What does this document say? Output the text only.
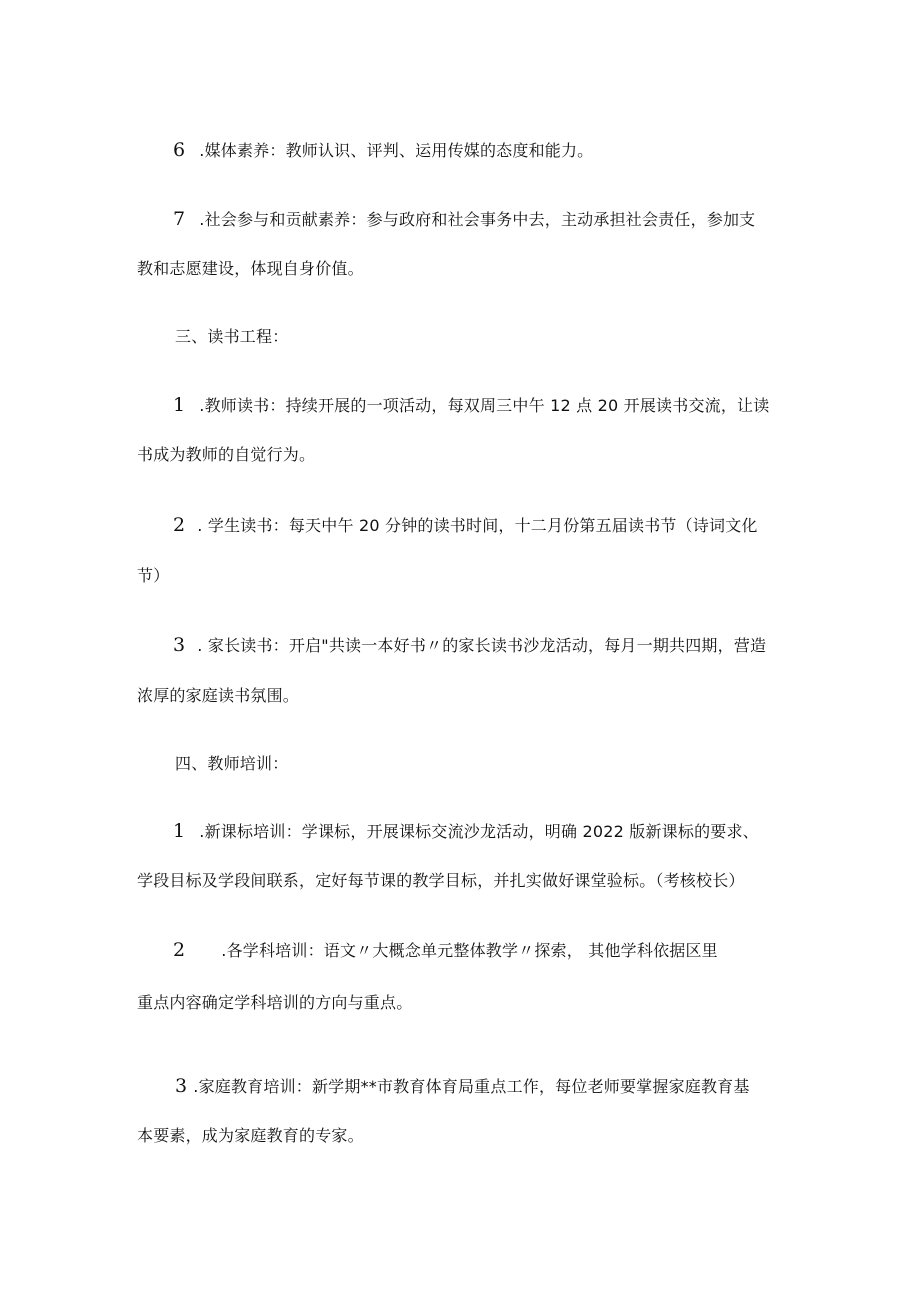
6 .媒体素养：教师认识、评判、运用传媒的态度和能力。
7 .社会参与和贡献素养：参与政府和社会事务中去，主动承担社会责任，参加支
教和志愿建设，体现自身价值。
三、读书工程：
1 .教师读书：持续开展的一项活动，每双周三中午 12 点 20 开展读书交流，让读
书成为教师的自觉行为。
2 . 学生读书：每天中午 20 分钟的读书时间，十二月份第五届读书节（诗词文化
节）
3 . 家长读书：开启"共读一本好书〃的家长读书沙龙活动，每月一期共四期，营造
浓厚的家庭读书氛围。
四、教师培训：
1 .新课标培训：学课标，开展课标交流沙龙活动，明确 2022 版新课标的要求、
学段目标及学段间联系，定好每节课的教学目标，并扎实做好课堂验标。（考核校长）
2 .各学科培训：语文〃大概念单元整体教学〃探索， 其他学科依据区里
重点内容确定学科培训的方向与重点。
3 .家庭教育培训：新学期**市教育体育局重点工作，每位老师要掌握家庭教育基
本要素，成为家庭教育的专家。
